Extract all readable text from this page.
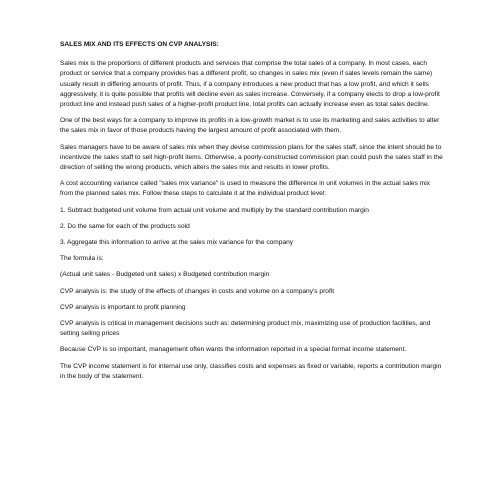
SALES MIX AND ITS EFFECTS ON CVP ANALYSIS:
Sales mix is the proportions of different products and services that comprise the total sales of a company. In most cases, each product or service that a company provides has a different profit, so changes in sales mix (even if sales levels remain the same) usually result in differing amounts of profit. Thus, if a company introduces a new product that has a low profit, and which it sells aggressively, it is quite possible that profits will decline even as sales increase. Conversely, if a company elects to drop a low-profit product line and instead push sales of a higher-profit product line, total profits can actually increase even as total sales decline.
One of the best ways for a company to improve its profits in a low-growth market is to use its marketing and sales activities to alter the sales mix in favor of those products having the largest amount of profit associated with them.
Sales managers have to be aware of sales mix when they devise commission plans for the sales staff, since the intent should be to incentivize the sales staff to sell high-profit items. Otherwise, a poorly-constructed commission plan could push the sales staff in the direction of selling the wrong products, which alters the sales mix and results in lower profits.
A cost accounting variance called "sales mix variance" is used to measure the difference in unit volumes in the actual sales mix from the planned sales mix. Follow these steps to calculate it at the individual product level:
1. Subtract budgeted unit volume from actual unit volume and multiply by the standard contribution margin
2. Do the same for each of the products sold
3. Aggregate this information to arrive at the sales mix variance for the company
The formula is:
(Actual unit sales - Budgeted unit sales) x Budgeted contribution margin
CVP analysis is: the study of the effects of changes in costs and volume on a company's profit
CVP analysis is important to profit planning
CVP analysis is critical in management decisions such as: determining product mix, maximizing use of production facilities, and setting selling prices
Because CVP is so important, management often wants the information reported in a special format income statement.
The CVP income statement is for internal use only, classifies costs and expenses as fixed or variable, reports a contribution margin in the body of the statement.
